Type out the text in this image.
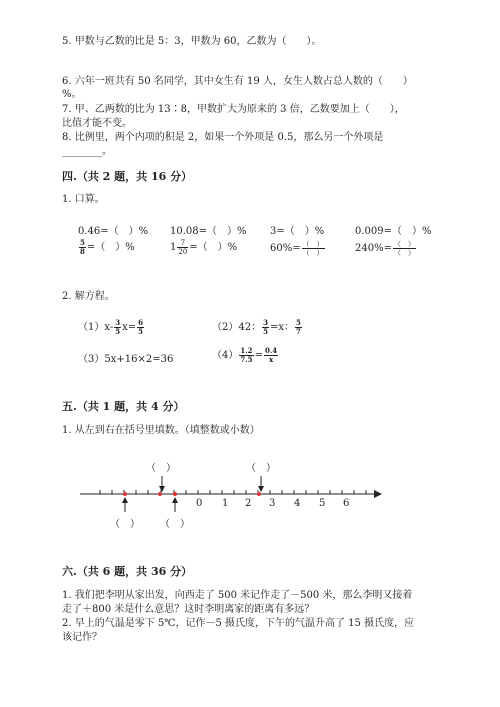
5. 甲数与乙数的比是 5：3，甲数为 60，乙数为（　　）。
6. 六年一班共有 50 名同学，其中女生有 19 人，女生人数占总人数的（　　）
%。
7. 甲、乙两数的比为 13∶8，甲数扩大为原来的 3 倍，乙数要加上（　　），
比值才能不变。
8. 比例里，两个内项的积是 2，如果一个外项是 0.5，那么另一个外项是
________。
四.（共 2 题，共 16 分）
1. 口算。
0.46=（　）% 10.08=（　）% 3=（　）%	0.009=（　）%
$\frac{5}{8}$ =（　）%	$1 \frac{7}{20}$ =（　）%	$60\%= \frac{( )}{( )}$	$240\%= \frac{( )}{( )}$
2. 解方程。
$(1)x- \frac{3}{5} x= \frac{6}{5}$	（2）42： $\frac{3}{5} =x$： $\frac{5}{7}$
（3）5x+16×2=36	$(4) \frac{1.2}{7.5} = \frac{0.4}{x}$
五.（共 1 题，共 4 分）
1. 从左到右在括号里填数。（填整数或小数）
（　）	（　）
（　） （　）
0 1 2 3 4 5 6
六.（共 6 题，共 36 分）
1. 我们把李明从家出发，向西走了 500 米记作走了－500 米，那么李明又接着
走了＋800 米是什么意思？这时李明离家的距离有多远？
2. 早上的气温是零下 5℃，记作－5 摄氏度，下午的气温升高了 15 摄氏度，应
该记作？
